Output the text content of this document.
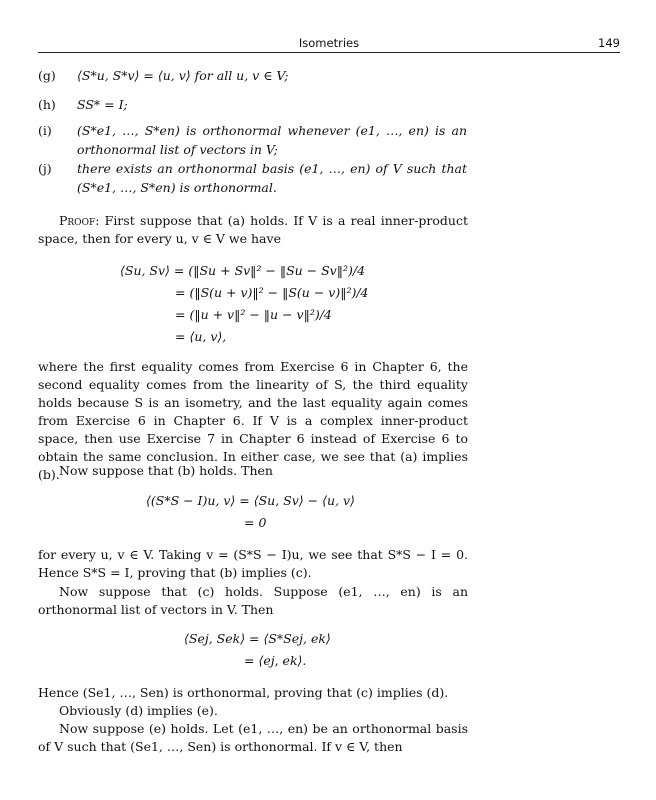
Isometries	149
(g) ⟨S*u, S*v⟩ = ⟨u, v⟩ for all u, v ∈ V;
(h) SS* = I;
(i) (S*e1, …, S*en) is orthonormal whenever (e1, …, en) is an orthonormal list of vectors in V;
(j) there exists an orthonormal basis (e1, …, en) of V such that (S*e1, …, S*en) is orthonormal.
Proof: First suppose that (a) holds. If V is a real inner-product space, then for every u, v ∈ V we have
⟨Su, Sv⟩ = (‖Su + Sv‖² − ‖Su − Sv‖²)/4
= (‖S(u + v)‖² − ‖S(u − v)‖²)/4
= (‖u + v‖² − ‖u − v‖²)/4
= ⟨u, v⟩,
where the first equality comes from Exercise 6 in Chapter 6, the second equality comes from the linearity of S, the third equality holds because S is an isometry, and the last equality again comes from Exercise 6 in Chapter 6. If V is a complex inner-product space, then use Exercise 7 in Chapter 6 instead of Exercise 6 to obtain the same conclusion. In either case, we see that (a) implies (b). Now suppose that (b) holds. Then
⟨(S*S − I)u, v⟩ = ⟨Su, Sv⟩ − ⟨u, v⟩
= 0
for every u, v ∈ V. Taking v = (S*S − I)u, we see that S*S − I = 0. Hence S*S = I, proving that (b) implies (c).
Now suppose that (c) holds. Suppose (e1, …, en) is an orthonormal list of vectors in V. Then
⟨Sej, Sek⟩ = ⟨S*Sej, ek⟩
= ⟨ej, ek⟩.
Hence (Se1, …, Sen) is orthonormal, proving that (c) implies (d).
Obviously (d) implies (e).
Now suppose (e) holds. Let (e1, …, en) be an orthonormal basis of V such that (Se1, …, Sen) is orthonormal. If v ∈ V, then
